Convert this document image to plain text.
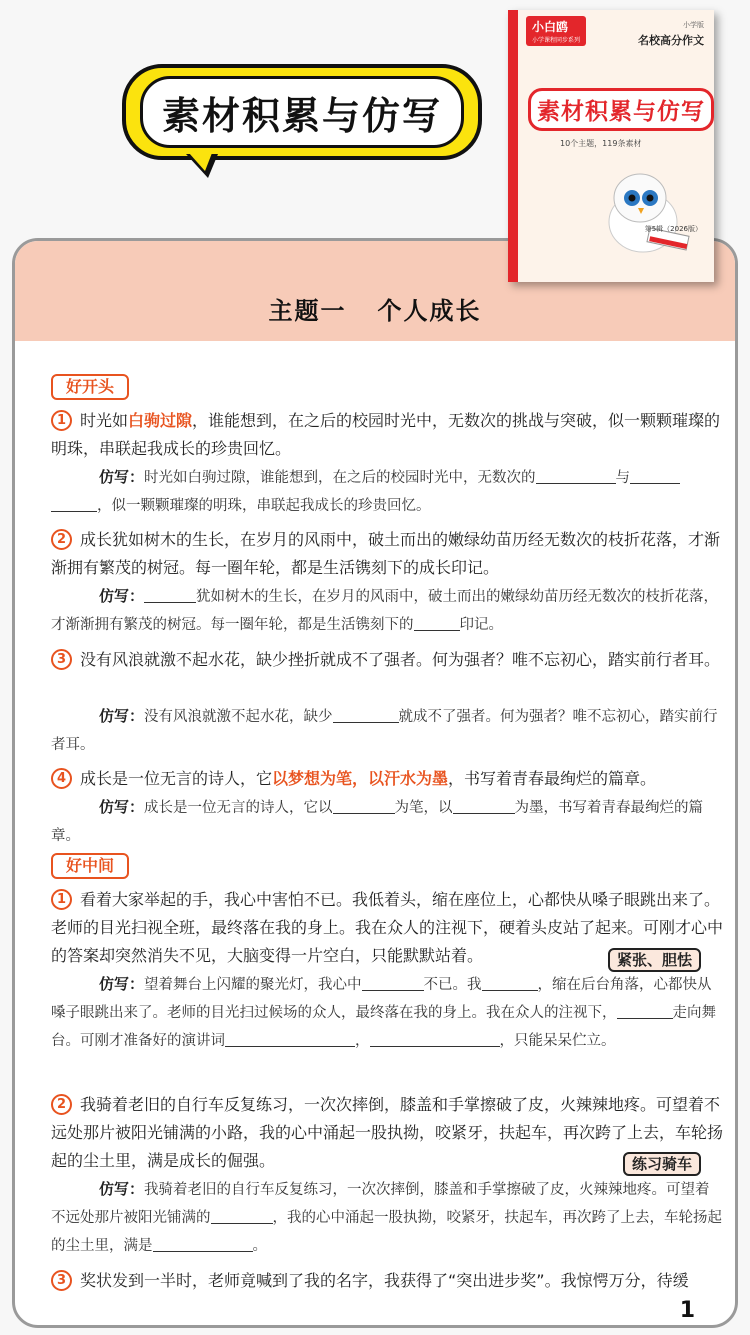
素材积累与仿写
主题一   个人成长
好开头
1 时光如白驹过隙，谁能想到，在之后的校园时光中，无数次的挑战与突破，似一颗颗璀璨的明珠，串联起我成长的珍贵回忆。
仿写：时光如白驹过隙，谁能想到，在之后的校园时光中，无数次的	与
，似一颗颗璀璨的明珠，串联起我成长的珍贵回忆。
2 成长犹如树木的生长，在岁月的风雨中，破土而出的嫩绿幼苗历经无数次的枝折花落，才渐渐拥有繁茂的树冠。每一圈年轮，都是生活镌刻下的成长印记。
仿写：	犹如树木的生长，在岁月的风雨中，破土而出的嫩绿幼苗历经无数次的枝折花落，才渐渐拥有繁茂的树冠。每一圈年轮，都是生活镌刻下的	印记。
3 没有风浪就激不起水花，缺少挫折就成不了强者。何为强者？唯不忘初心，踏实前行者耳。
仿写：没有风浪就激不起水花，缺少	就成不了强者。何为强者？唯不忘初心，踏实前行者耳。
4 成长是一位无言的诗人，它以梦想为笔，以汗水为墨，书写着青春最绚烂的篇章。
仿写：成长是一位无言的诗人，它以	为笔，以	为墨，书写着青春最绚烂的篇章。
好中间
1 看着大家举起的手，我心中害怕不已。我低着头，缩在座位上，心都快从嗓子眼跳出来了。老师的目光扫视全班，最终落在我的身上。我在众人的注视下，硬着头皮站了起来。可刚才心中的答案却突然消失不见，大脑变得一片空白，只能默默站着。	紧张、胆怯
仿写：望着舞台上闪耀的聚光灯，我心中	不已。我	，缩在后台角落，心都快从嗓子眼跳出来了。老师的目光扫过候场的众人，最终落在我的身上。我在众人的注视下，	走向舞台。可刚才准备好的演讲词	，	，只能呆呆伫立。
2 我骑着老旧的自行车反复练习，一次次摔倒，膝盖和手掌擦破了皮，火辣辣地疼。可望着不远处那片被阳光铺满的小路，我的心中涌起一股执拗，咬紧牙，扶起车，再次跨了上去，车轮扬起的尘土里，满是成长的倔强。	练习骑车
仿写：我骑着老旧的自行车反复练习，一次次摔倒，膝盖和手掌擦破了皮，火辣辣地疼。可望着不远处那片被阳光铺满的	，我的心中涌起一股执拗，咬紧牙，扶起车，再次跨了上去，车轮扬起的尘土里，满是	。
3 奖状发到一半时，老师竟喊到了我的名字，我获得了“突出进步奖”。我惊愕万分，待缓
1
小白鸥
小学课程同步系列
小学版
名校高分作文
素材积累与仿写
10个主题，119条素材
第5辑（2026版）
